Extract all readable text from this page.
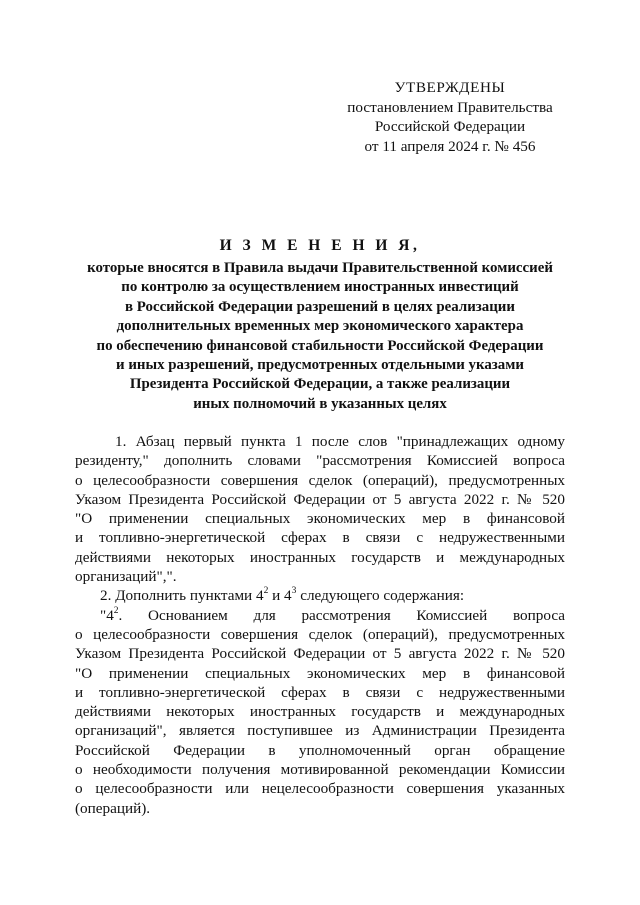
УТВЕРЖДЕНЫ
постановлением Правительства
Российской Федерации
от 11 апреля 2024 г. № 456
И З М Е Н Е Н И Я,
которые вносятся в Правила выдачи Правительственной комиссией
по контролю за осуществлением иностранных инвестиций
в Российской Федерации разрешений в целях реализации
дополнительных временных мер экономического характера
по обеспечению финансовой стабильности Российской Федерации
и иных разрешений, предусмотренных отдельными указами
Президента Российской Федерации, а также реализации
иных полномочий в указанных целях
1. Абзац первый пункта 1 после слов "принадлежащих одному
резиденту," дополнить словами "рассмотрения Комиссией вопроса
о целесообразности совершения сделок (операций), предусмотренных
Указом Президента Российской Федерации от 5 августа 2022 г. № 520
"О применении специальных экономических мер в финансовой
и топливно-энергетической сферах в связи с недружественными
действиями некоторых иностранных государств и международных
организаций",".
2. Дополнить пунктами $4^2$ и $4^3$ следующего содержания:
"$4^2$. Основанием для рассмотрения Комиссией вопроса
о целесообразности совершения сделок (операций), предусмотренных
Указом Президента Российской Федерации от 5 августа 2022 г. № 520
"О применении специальных экономических мер в финансовой
и топливно-энергетической сферах в связи с недружественными
действиями некоторых иностранных государств и международных
организаций", является поступившее из Администрации Президента
Российской Федерации в уполномоченный орган обращение
о необходимости получения мотивированной рекомендации Комиссии
о целесообразности или нецелесообразности совершения указанных
(операций).
